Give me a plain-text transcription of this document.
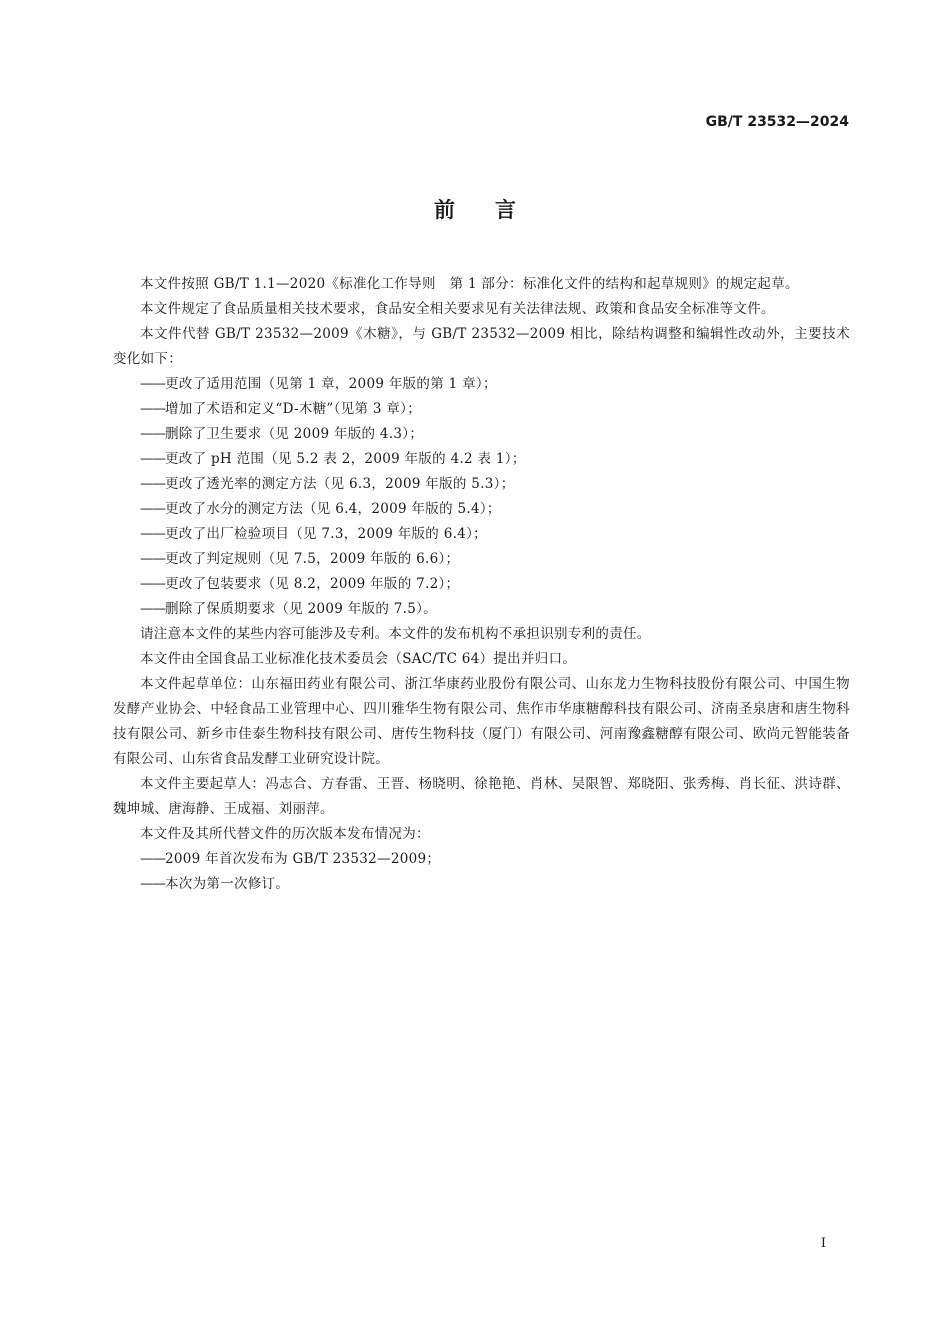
GB/T 23532—2024
前言

本文件按照 GB/T 1.1—2020《标准化工作导则　第 1 部分：标准化文件的结构和起草规则》的规定起草。

本文件规定了食品质量相关技术要求，食品安全相关要求见有关法律法规、政策和食品安全标准等文件。

本文件代替 GB/T 23532—2009《木糖》，与 GB/T 23532—2009 相比，除结构调整和编辑性改动外，主要技术变化如下：

——更改了适用范围（见第 1 章，2009 年版的第 1 章）；
——增加了术语和定义“D-木糖”（见第 3 章）；
——删除了卫生要求（见 2009 年版的 4.3）；
——更改了 pH 范围（见 5.2 表 2，2009 年版的 4.2 表 1）；
——更改了透光率的测定方法（见 6.3，2009 年版的 5.3）；
——更改了水分的测定方法（见 6.4，2009 年版的 5.4）；
——更改了出厂检验项目（见 7.3，2009 年版的 6.4）；
——更改了判定规则（见 7.5，2009 年版的 6.6）；
——更改了包装要求（见 8.2，2009 年版的 7.2）；
——删除了保质期要求（见 2009 年版的 7.5）。

请注意本文件的某些内容可能涉及专利。本文件的发布机构不承担识别专利的责任。

本文件由全国食品工业标准化技术委员会（SAC/TC 64）提出并归口。

本文件起草单位：山东福田药业有限公司、浙江华康药业股份有限公司、山东龙力生物科技股份有限公司、中国生物发酵产业协会、中轻食品工业管理中心、四川雅华生物有限公司、焦作市华康糖醇科技有限公司、济南圣泉唐和唐生物科技有限公司、新乡市佳泰生物科技有限公司、唐传生物科技（厦门）有限公司、河南豫鑫糖醇有限公司、欧尚元智能装备有限公司、山东省食品发酵工业研究设计院。

本文件主要起草人：冯志合、方春雷、王晋、杨晓明、徐艳艳、肖林、吴限智、郑晓阳、张秀梅、肖长征、洪诗群、魏坤城、唐海静、王成福、刘丽萍。

本文件及其所代替文件的历次版本发布情况为：

——2009 年首次发布为 GB/T 23532—2009；
——本次为第一次修订。
I
